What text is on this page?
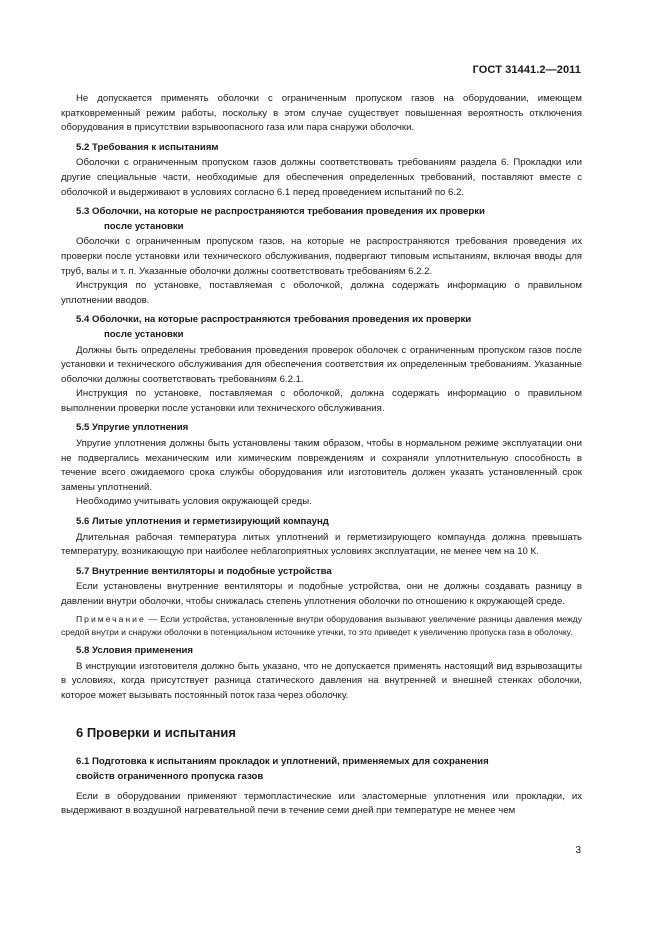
ГОСТ 31441.2—2011

Не допускается применять оболочки с ограниченным пропуском газов на оборудовании, имеющем кратковременный режим работы, поскольку в этом случае существует повышенная вероятность отключения оборудования в присутствии взрывоопасного газа или пара снаружи оболочки.

5.2 Требования к испытаниям

Оболочки с ограниченным пропуском газов должны соответствовать требованиям раздела 6. Прокладки или другие специальные части, необходимые для обеспечения определенных требований, поставляют вместе с оболочкой и выдерживают в условиях согласно 6.1 перед проведением испытаний по 6.2.

5.3 Оболочки, на которые не распространяются требования проведения их проверки
после установки

Оболочки с ограниченным пропуском газов, на которые не распространяются требования проведения их проверки после установки или технического обслуживания, подвергают типовым испытаниям, включая вводы для труб, валы и т. п. Указанные оболочки должны соответствовать требованиям 6.2.2.

Инструкция по установке, поставляемая с оболочкой, должна содержать информацию о правильном уплотнении вводов.

5.4 Оболочки, на которые распространяются требования проведения их проверки
после установки

Должны быть определены требования проведения проверок оболочек с ограниченным пропуском газов после установки и технического обслуживания для обеспечения соответствия их определенным требованиям. Указанные оболочки должны соответствовать требованиям 6.2.1.

Инструкция по установке, поставляемая с оболочкой, должна содержать информацию о правильном выполнении проверки после установки или технического обслуживания.

5.5 Упругие уплотнения

Упругие уплотнения должны быть установлены таким образом, чтобы в нормальном режиме эксплуатации они не подвергались механическим или химическим повреждениям и сохраняли уплотнительную способность в течение всего ожидаемого срока службы оборудования или изготовитель должен указать установленный срок замены уплотнений.

Необходимо учитывать условия окружающей среды.

5.6 Литые уплотнения и герметизирующий компаунд

Длительная рабочая температура литых уплотнений и герметизирующего компаунда должна превышать температуру, возникающую при наиболее неблагоприятных условиях эксплуатации, не менее чем на 10 К.

5.7 Внутренние вентиляторы и подобные устройства

Если установлены внутренние вентиляторы и подобные устройства, они не должны создавать разницу в давлении внутри оболочки, чтобы снижалась степень уплотнения оболочки по отношению к окружающей среде.

Примечание — Если устройства, установленные внутри оборудования вызывают увеличение разницы давления между средой внутри и снаружи оболочки в потенциальном источнике утечки, то это приведет к увеличению пропуска газа в оболочку.

5.8 Условия применения

В инструкции изготовителя должно быть указано, что не допускается применять настоящий вид взрывозащиты в условиях, когда присутствует разница статического давления на внутренней и внешней стенках оболочки, которое может вызывать постоянный поток газа через оболочку.

6 Проверки и испытания
6.1 Подготовка к испытаниям прокладок и уплотнений, применяемых для сохранения
свойств ограниченного пропуска газов

Если в оборудовании применяют термопластические или эластомерные уплотнения или прокладки, их выдерживают в воздушной нагревательной печи в течение семи дней при температуре не менее чем

3
